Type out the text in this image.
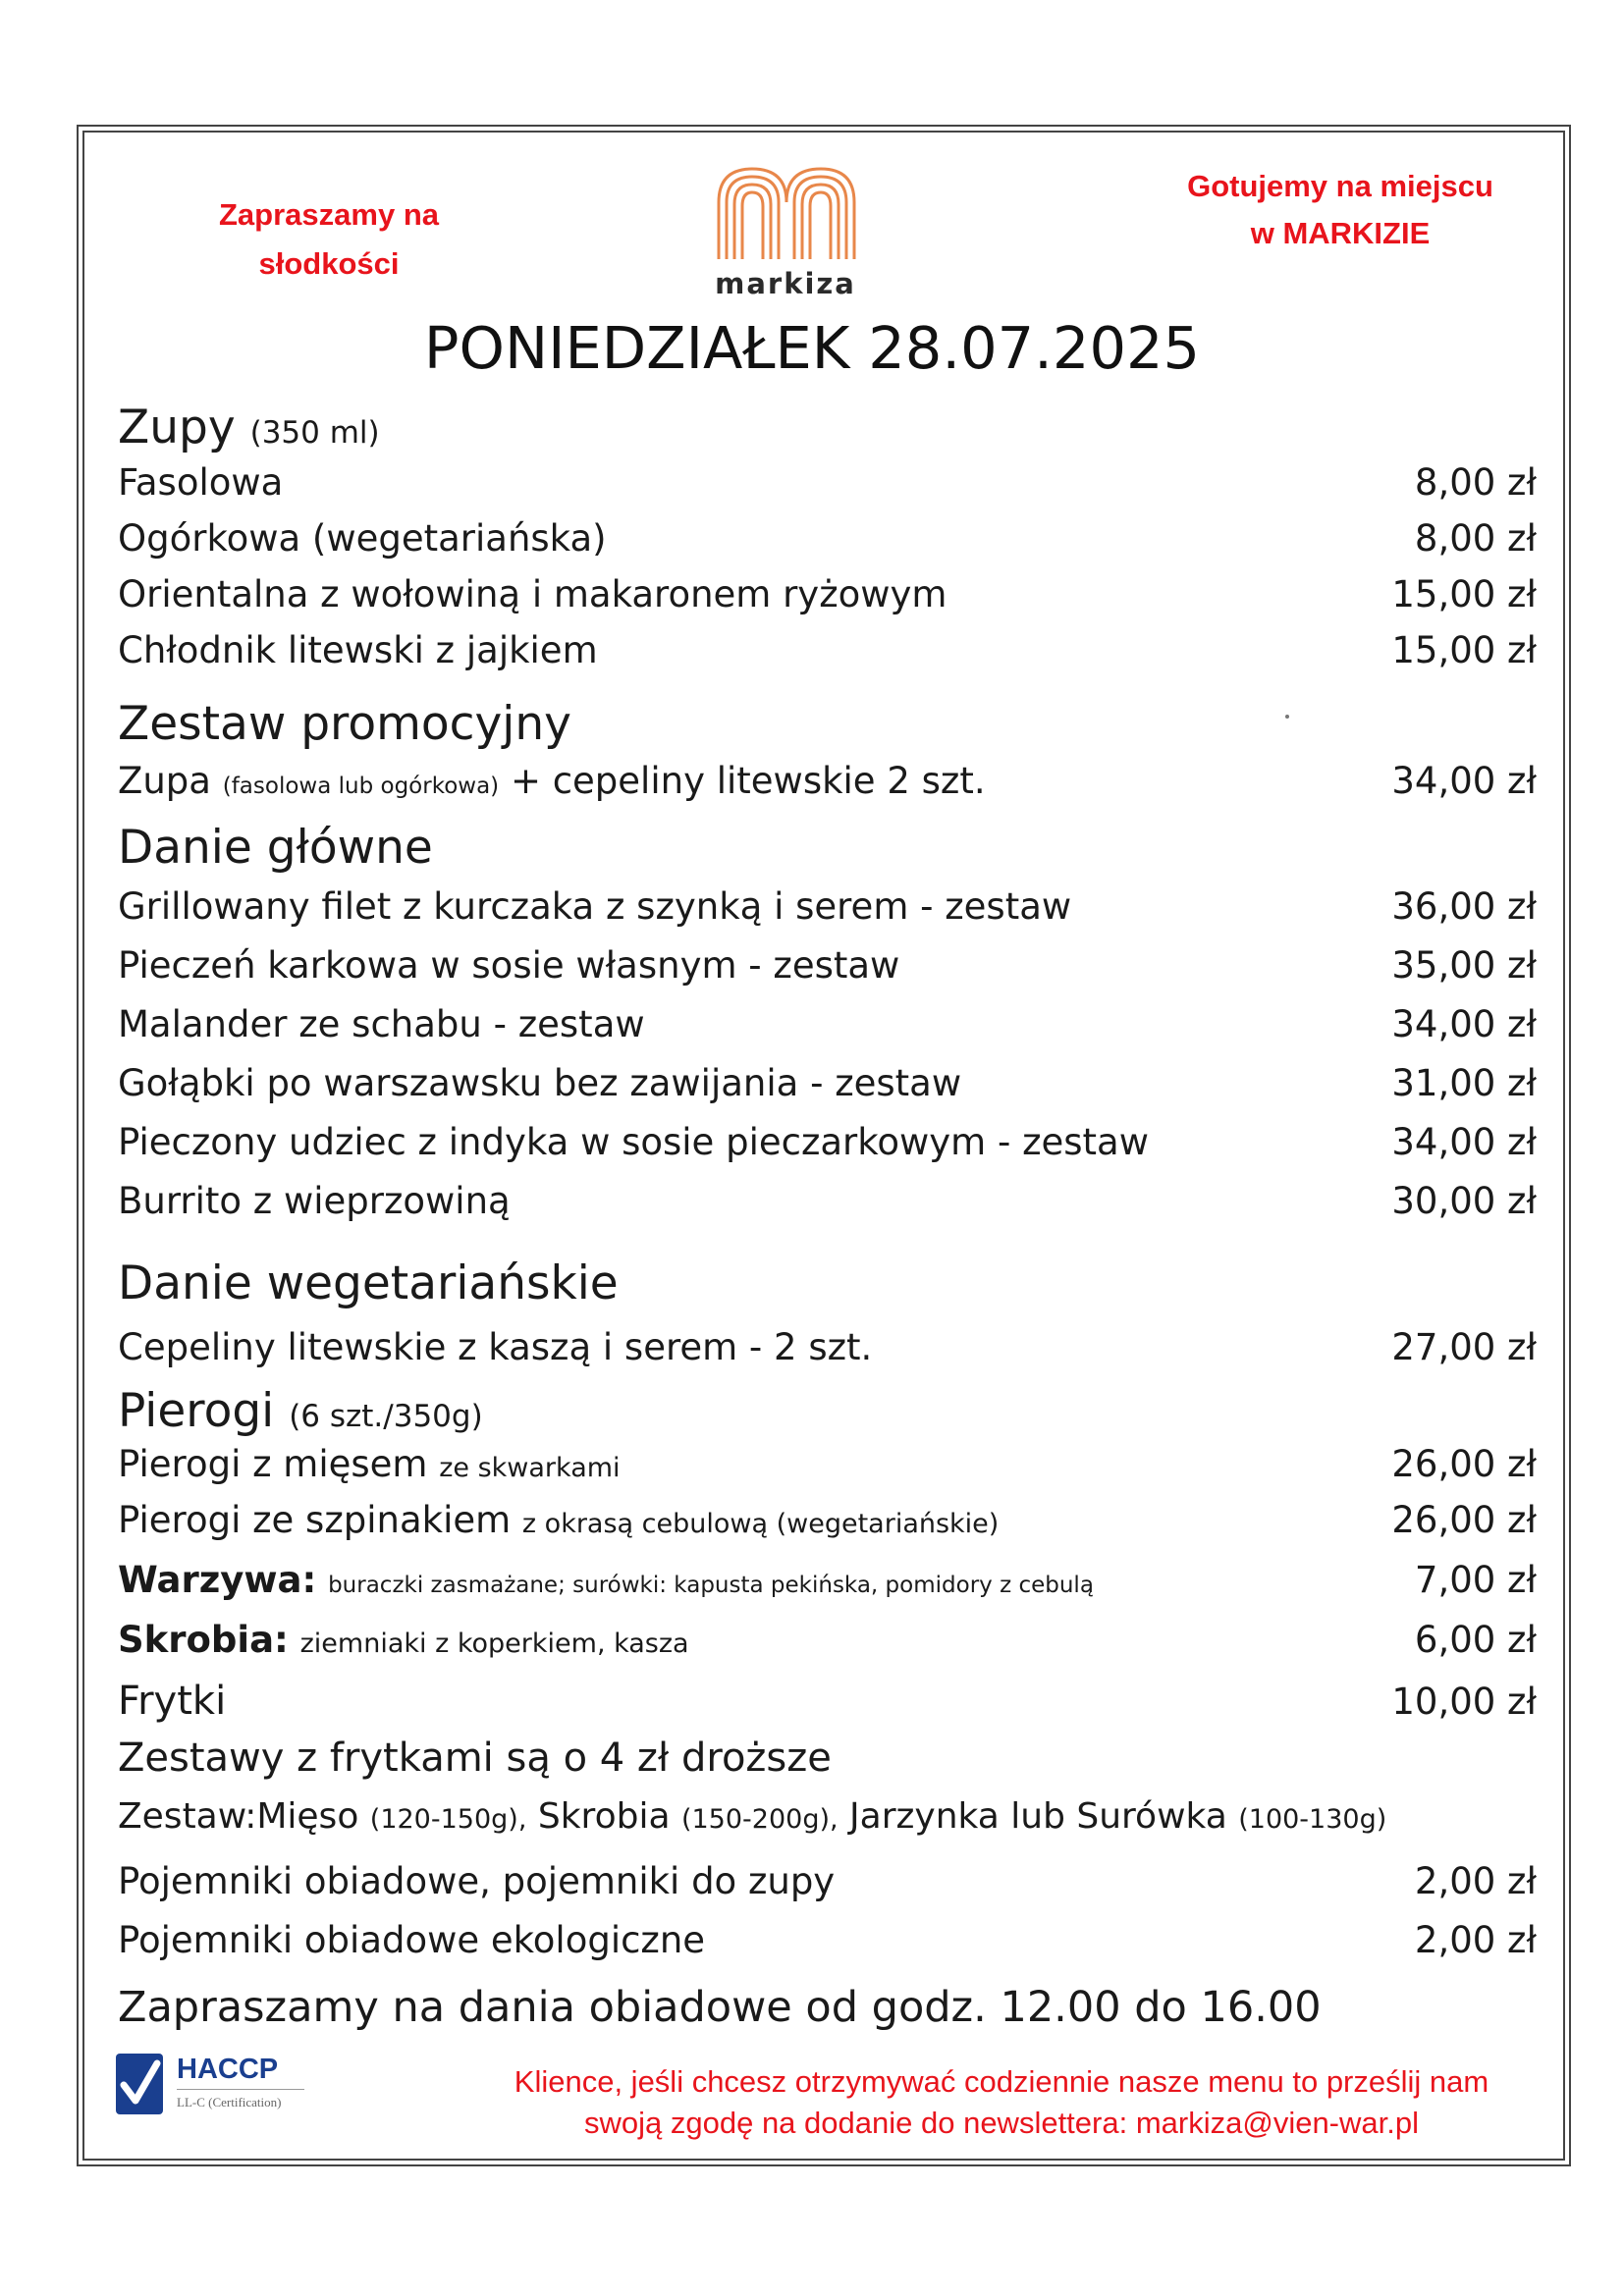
Zapraszamy na
słodkości
markiza
Gotujemy na miejscu
w MARKIZIE
PONIEDZIAŁEK 28.07.2025
Zupy (350 ml)
Fasolowa	8,00 zł
Ogórkowa (wegetariańska)	8,00 zł
Orientalna z wołowiną i makaronem ryżowym	15,00 zł
Chłodnik litewski z jajkiem	15,00 zł
Zestaw promocyjny
Zupa (fasolowa lub ogórkowa) + cepeliny litewskie 2 szt.	34,00 zł
Danie główne
Grillowany filet z kurczaka z szynką i serem - zestaw	36,00 zł
Pieczeń karkowa w sosie własnym - zestaw	35,00 zł
Malander ze schabu - zestaw	34,00 zł
Gołąbki po warszawsku bez zawijania - zestaw	31,00 zł
Pieczony udziec z indyka w sosie pieczarkowym - zestaw	34,00 zł
Burrito z wieprzowiną	30,00 zł
Danie wegetariańskie
Cepeliny litewskie z kaszą i serem - 2 szt.	27,00 zł
Pierogi (6 szt./350g)
Pierogi z mięsem ze skwarkami	26,00 zł
Pierogi ze szpinakiem z okrasą cebulową (wegetariańskie)	26,00 zł
Warzywa: buraczki zasmażane; surówki: kapusta pekińska, pomidory z cebulą	7,00 zł
Skrobia: ziemniaki z koperkiem, kasza	6,00 zł
Frytki	10,00 zł
Zestawy z frytkami są o 4 zł droższe
Zestaw:Mięso (120-150g), Skrobia (150-200g), Jarzynka lub Surówka (100-130g)
Pojemniki obiadowe, pojemniki do zupy	2,00 zł
Pojemniki obiadowe ekologiczne	2,00 zł
Zapraszamy na dania obiadowe od godz. 12.00 do 16.00
HACCP
LL-C (Certification)
Klience, jeśli chcesz otrzymywać codziennie nasze menu to prześlij nam
swoją zgodę na dodanie do newslettera: markiza@vien-war.pl
